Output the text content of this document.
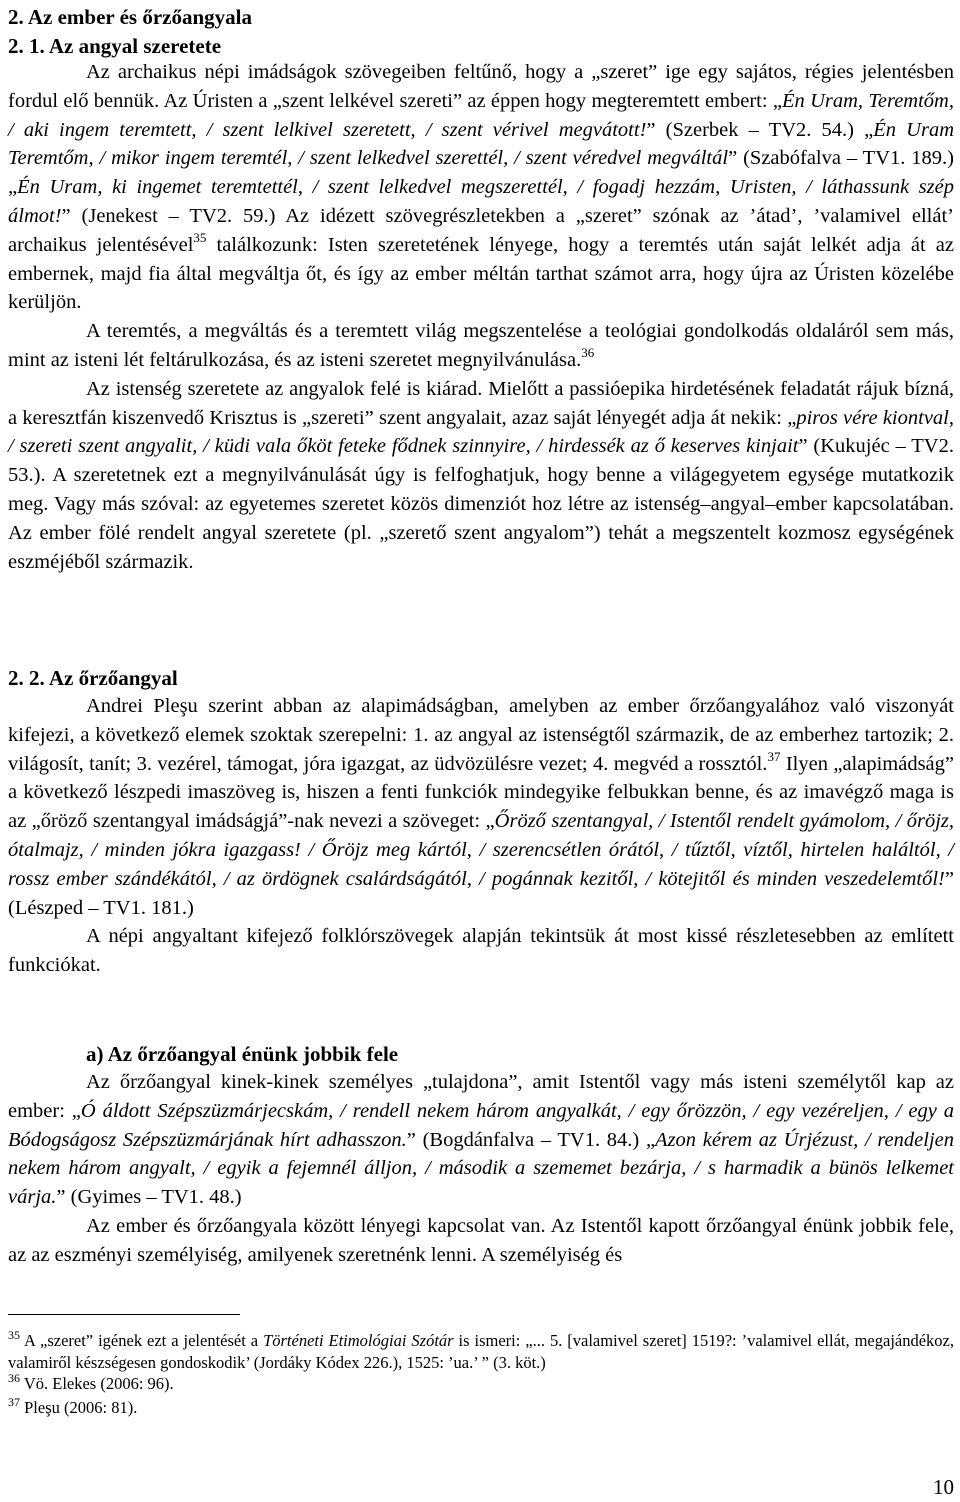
2. Az ember és őrzőangyala
2. 1. Az angyal szeretete

Az archaikus népi imádságok szövegeiben feltűnő, hogy a „szeret” ige egy sajátos, régies jelentésben fordul elő bennük. Az Úristen a „szent lelkével szereti” az éppen hogy megteremtett embert: „Én Uram, Teremtőm, / aki ingem teremtett, / szent lelkivel szeretett, / szent vérivel megvátott!” (Szerbek – TV2. 54.) „Én Uram Teremtőm, / mikor ingem teremtél, / szent lelkedvel szerettél, / szent véredvel megváltál” (Szabófalva – TV1. 189.) „Én Uram, ki ingemet teremtettél, / szent lelkedvel megszerettél, / fogadj hezzám, Uristen, / láthassunk szép álmot!” (Jenekest – TV2. 59.) Az idézett szövegrészletekben a „szeret” szónak az ’átad’, ’valamivel ellát’ archaikus jelentésével$^{35}$ találkozunk: Isten szeretetének lényege, hogy a teremtés után saját lelkét adja át az embernek, majd fia által megváltja őt, és így az ember méltán tarthat számot arra, hogy újra az Úristen közelébe kerüljön.

A teremtés, a megváltás és a teremtett világ megszentelése a teológiai gondolkodás oldaláról sem más, mint az isteni lét feltárulkozása, és az isteni szeretet megnyilvánulása.$^{36}$

Az istenség szeretete az angyalok felé is kiárad. Mielőtt a passióepika hirdetésének feladatát rájuk bízná, a keresztfán kiszenvedő Krisztus is „szereti” szent angyalait, azaz saját lényegét adja át nekik: „piros vére kiontval, / szereti szent angyalit, / küdi vala őköt feteke fődnek szinnyire, / hirdessék az ő keserves kinjait” (Kukujéc – TV2. 53.). A szeretetnek ezt a megnyilvánulását úgy is felfoghatjuk, hogy benne a világegyetem egysége mutatkozik meg. Vagy más szóval: az egyetemes szeretet közös dimenziót hoz létre az istenség–angyal–ember kapcsolatában. Az ember fölé rendelt angyal szeretete (pl. „szerető szent angyalom”) tehát a megszentelt kozmosz egységének eszméjéből származik.

2. 2. Az őrzőangyal

Andrei Pleşu szerint abban az alapimádságban, amelyben az ember őrzőangyalához való viszonyát kifejezi, a következő elemek szoktak szerepelni: 1. az angyal az istenségtől származik, de az emberhez tartozik; 2. világosít, tanít; 3. vezérel, támogat, jóra igazgat, az üdvözülésre vezet; 4. megvéd a rossztól.$^{37}$ Ilyen „alapimádság” a következő lészpedi imaszöveg is, hiszen a fenti funkciók mindegyike felbukkan benne, és az imavégző maga is az „őröző szentangyal imádságjá”-nak nevezi a szöveget: „Őröző szentangyal, / Istentől rendelt gyámolom, / őröjz, ótalmajz, / minden jókra igazgass! / Őröjz meg kártól, / szerencsétlen órától, / tűztől, víztől, hirtelen haláltól, / rossz ember szándékától, / az ördögnek csalárdságától, / pogánnak kezitől, / kötejitől és minden veszedelemtől!” (Lészped – TV1. 181.)

A népi angyaltant kifejező folklórszövegek alapján tekintsük át most kissé részletesebben az említett funkciókat.

a) Az őrzőangyal énünk jobbik fele

Az őrzőangyal kinek-kinek személyes „tulajdona”, amit Istentől vagy más isteni személytől kap az ember: „Ó áldott Szépszüzmárjecskám, / rendell nekem három angyalkát, / egy őrözzön, / egy vezéreljen, / egy a Bódogságosz Szépszüzmárjának hírt adhasszon.” (Bogdánfalva – TV1. 84.) „Azon kérem az Úrjézust, / rendeljen nekem három angyalt, / egyik a fejemnél álljon, / második a szememet bezárja, / s harmadik a bünös lelkemet várja.” (Gyimes – TV1. 48.)

Az ember és őrzőangyala között lényegi kapcsolat van. Az Istentől kapott őrzőangyal énünk jobbik fele, az az eszményi személyiség, amilyenek szeretnénk lenni. A személyiség és

$^{35}$ A „szeret” igének ezt a jelentését a Történeti Etimológiai Szótár is ismeri: „... 5. [valamivel szeret] 1519?: ’valamivel ellát, megajándékoz, valamiről készségesen gondoskodik’ (Jordáky Kódex 226.), 1525: ’ua.’ ” (3. köt.)

$^{36}$ Vö. Elekes (2006: 96).

$^{37}$ Pleşu (2006: 81).

10
